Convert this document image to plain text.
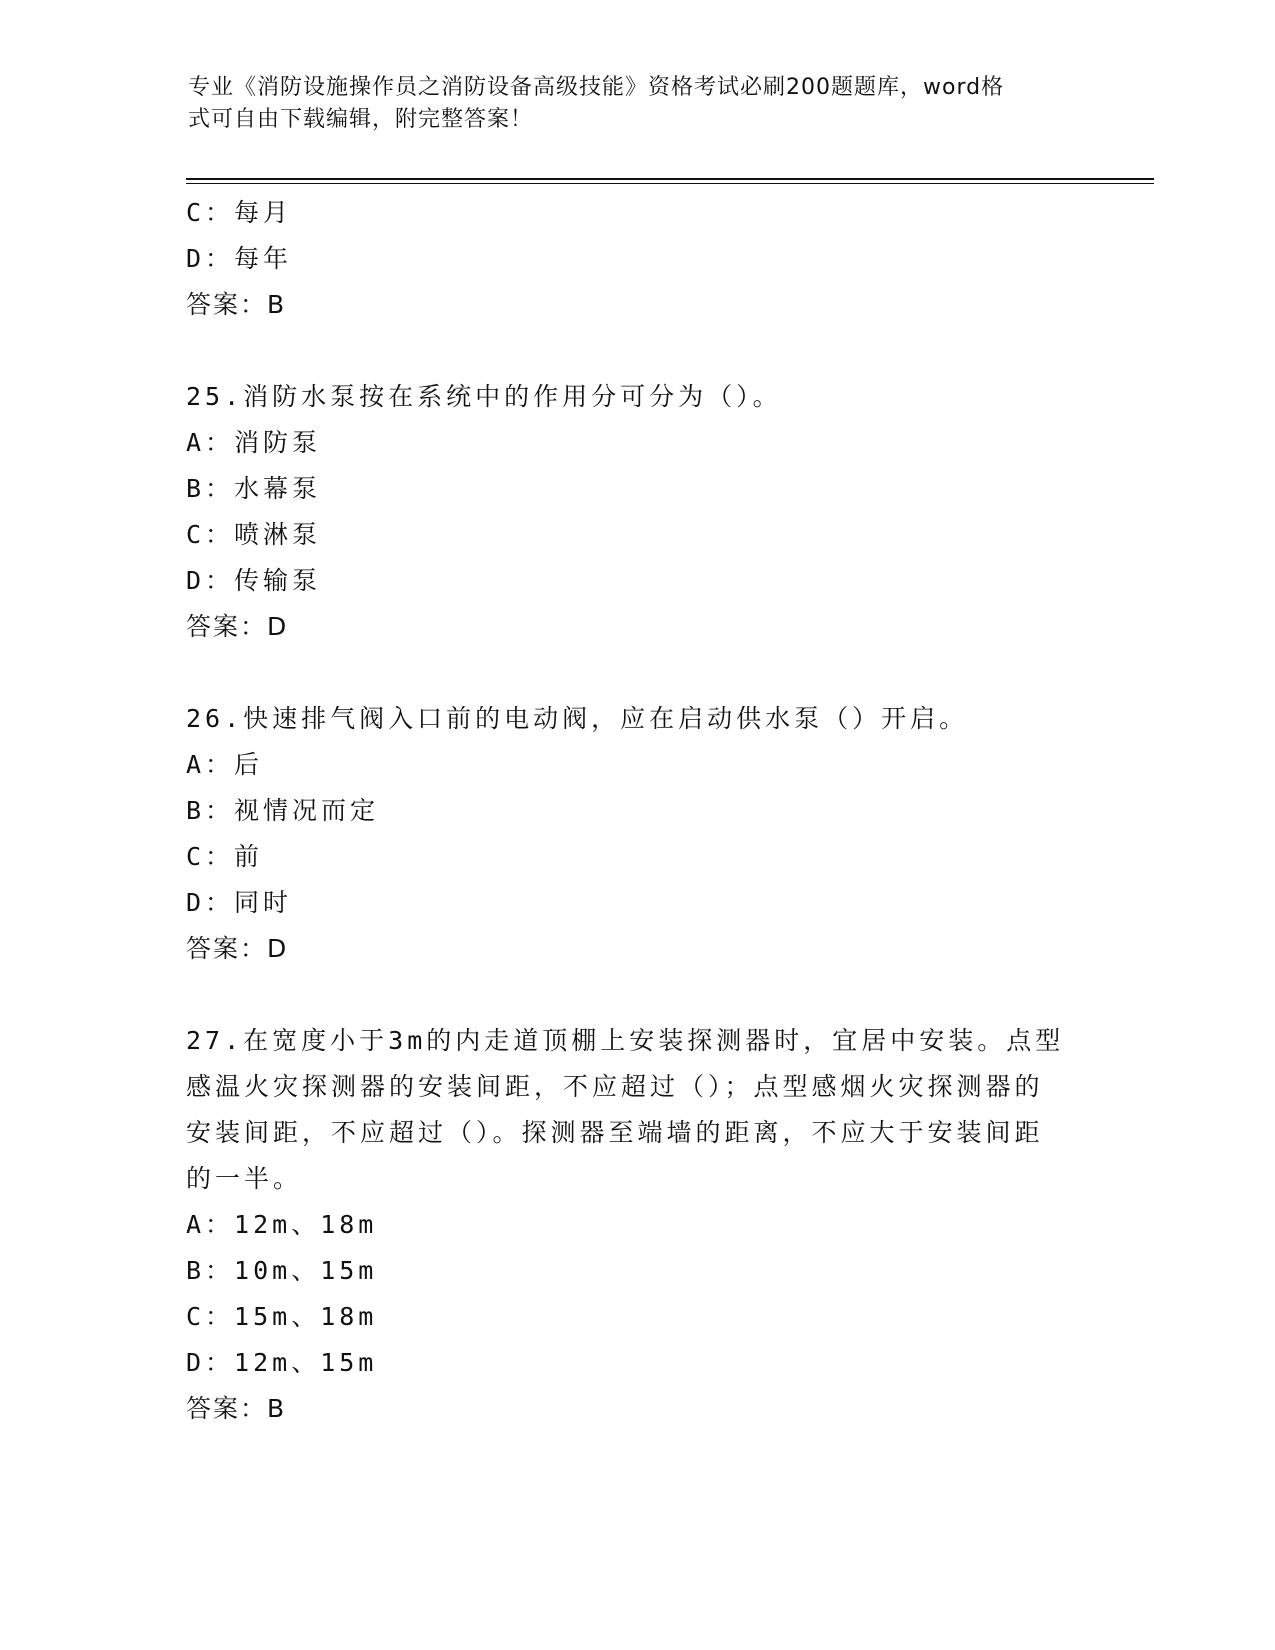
专业《消防设施操作员之消防设备高级技能》资格考试必刷200题题库，word格
式可自由下载编辑，附完整答案！
C：每月
D：每年
答案：B
25.消防水泵按在系统中的作用分可分为（）。
A：消防泵
B：水幕泵
C：喷淋泵
D：传输泵
答案：D
26.快速排气阀入口前的电动阀，应在启动供水泵（）开启。
A：后
B：视情况而定
C：前
D：同时
答案：D
27.在宽度小于3m的内走道顶棚上安装探测器时，宜居中安装。点型
感温火灾探测器的安装间距，不应超过（）；点型感烟火灾探测器的
安装间距，不应超过（）。探测器至端墙的距离，不应大于安装间距
的一半。
A：12m、18m
B：10m、15m
C：15m、18m
D：12m、15m
答案：B
